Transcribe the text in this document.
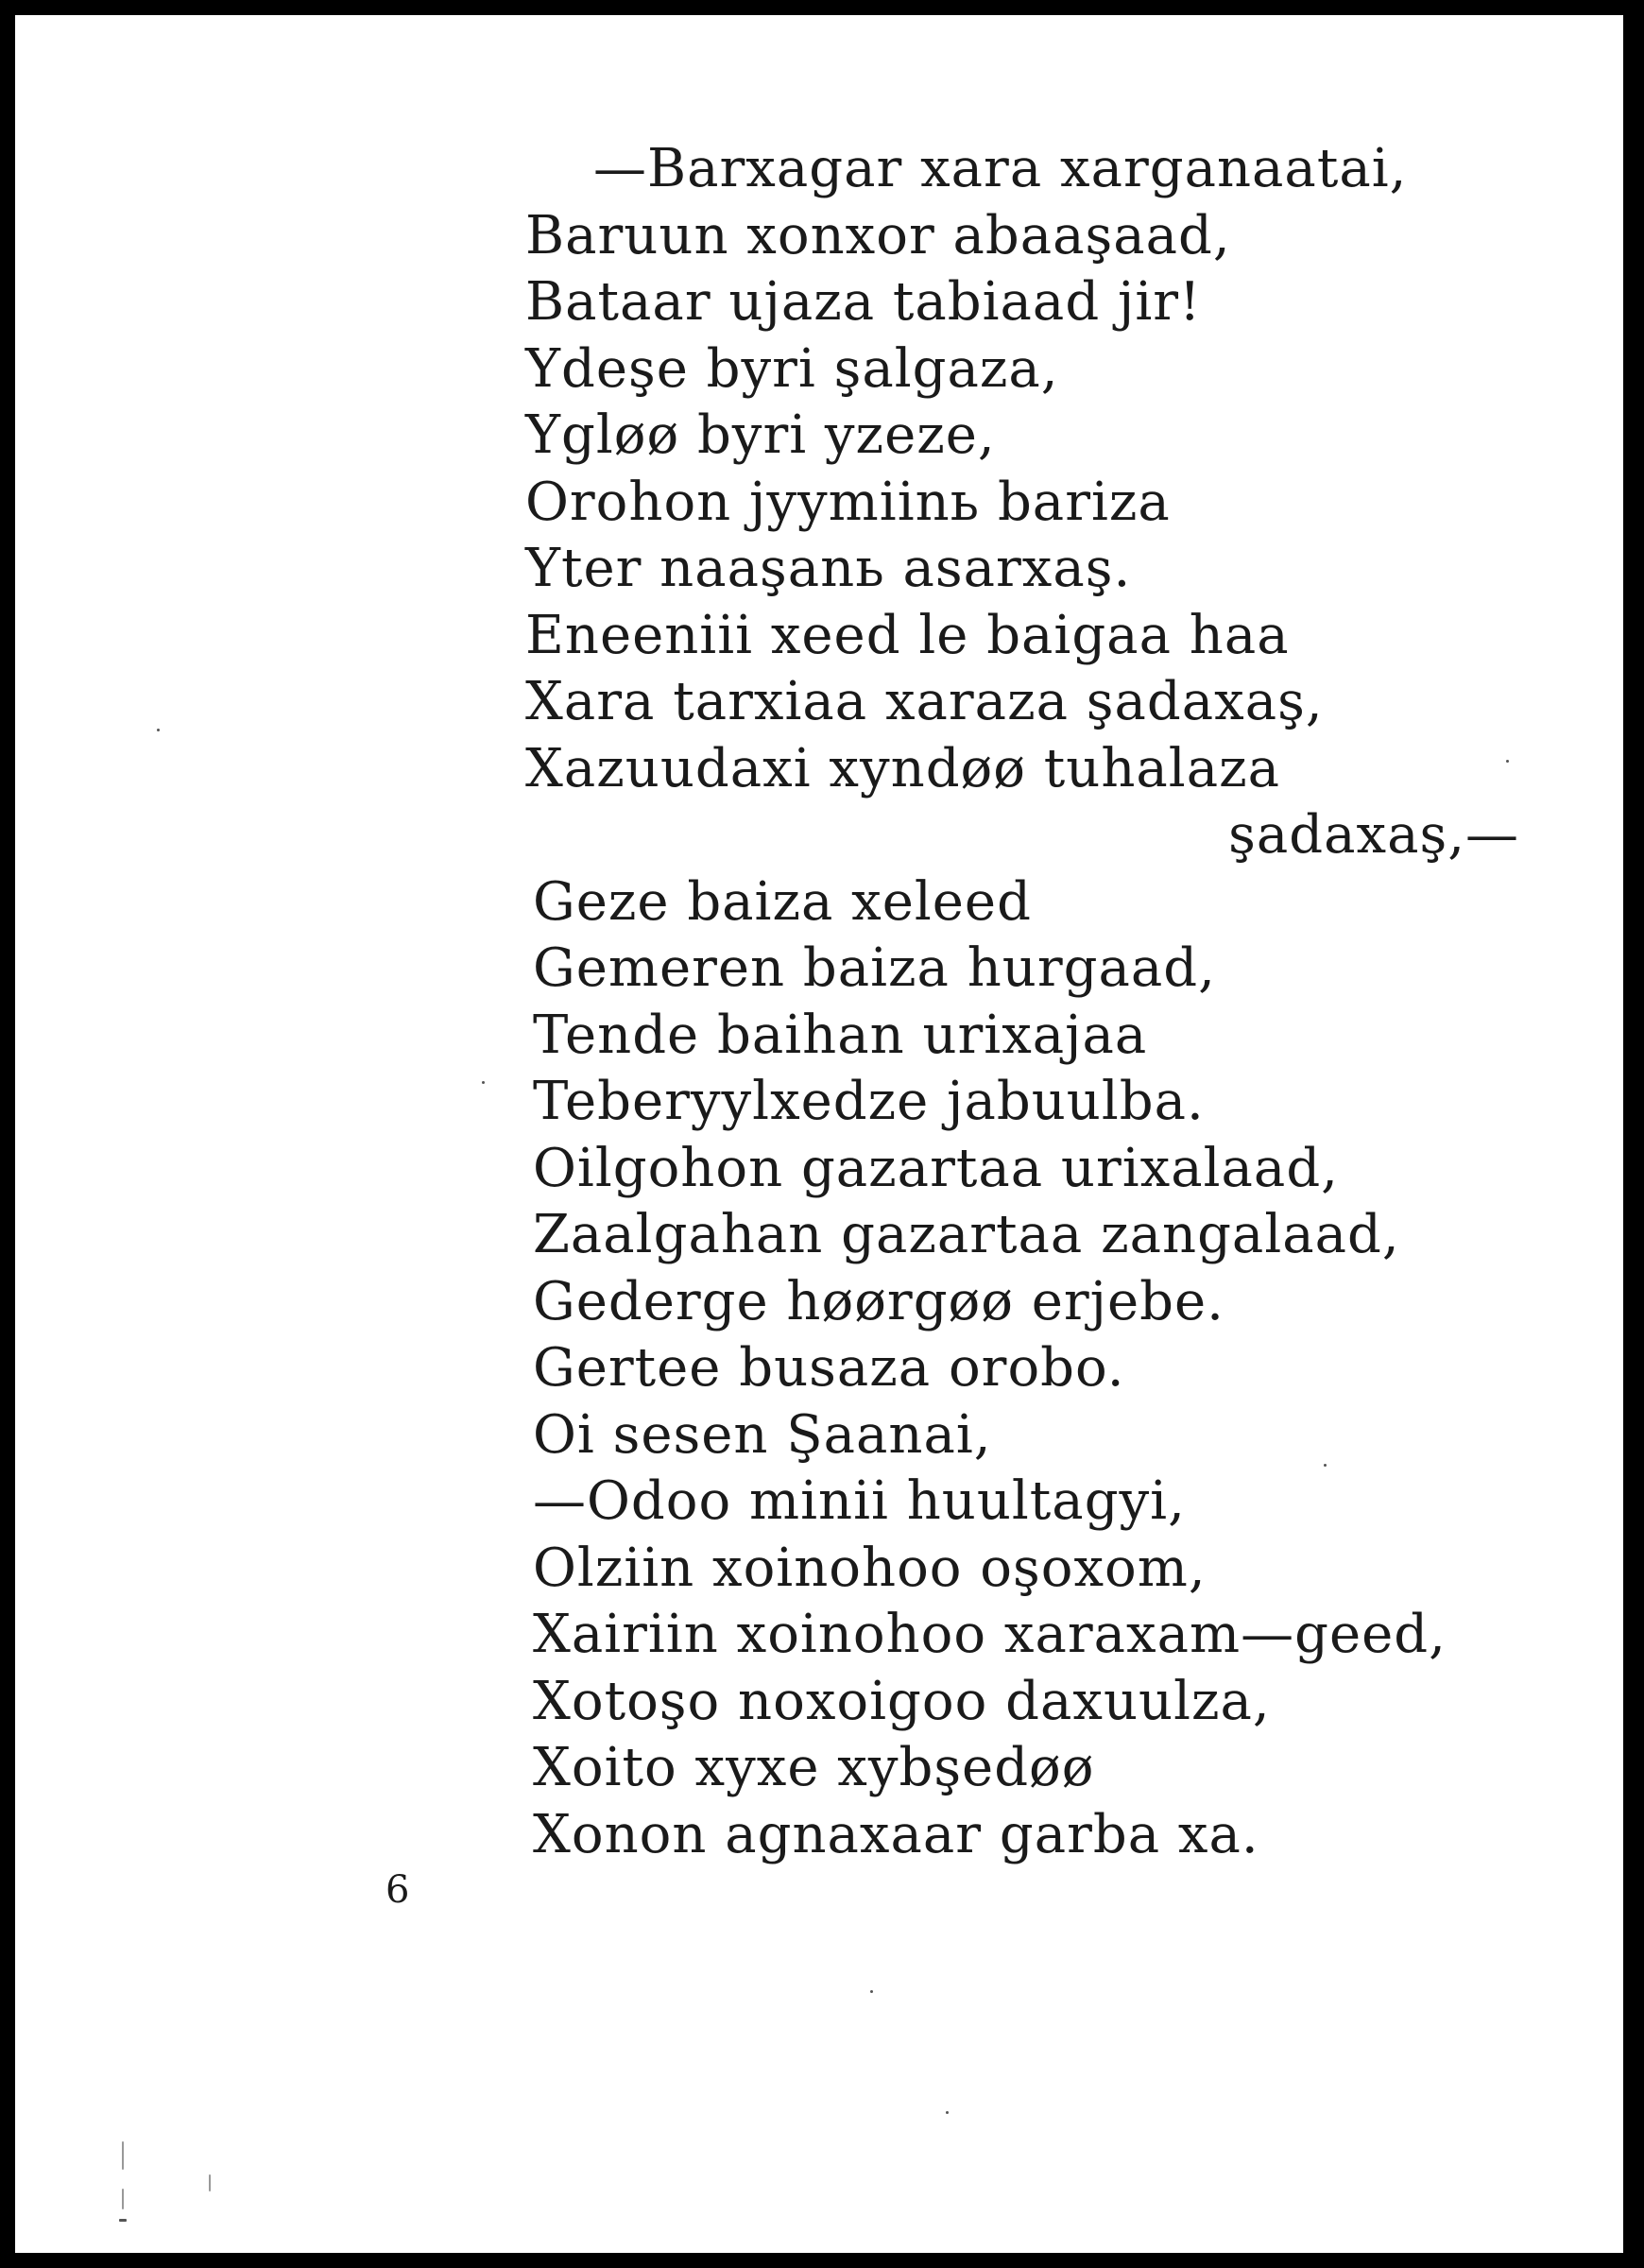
—Barxagar xara xarganaatai,
Baruun xonxor abaaşaad,
Bataar ujaza tabiaad jir!
Ydeşe byri şalgaza,
Ygløø byri yzeze,
Orohon jyymiinь bariza
Yter naaşanь asarxaş.
Eneeniii xeed le baigaa haa
Xara tarxiaa xaraza şadaxaş,
Xazuudaxi xyndøø tuhalaza
şadaxaş,—
Geze baiza xeleed
Gemeren baiza hurgaad,
Tende baihan urixajaa
Teberyylxedze jabuulba.
Oilgohon gazartaa urixalaad,
Zaalgahan gazartaa zangalaad,
Gederge høørgøø erjebe.
Gertee busaza orobo.
Oi sesen Şaanai,
—Odoo minii huultagyi,
Olziin xoinohoo oşoxom,
Xairiin xoinohoo xaraxam—geed,
Xotoşo noxoigoo daxuulza,
Xoito xyxe xybşedøø
Xonon agnaxaar garba xa.
6
